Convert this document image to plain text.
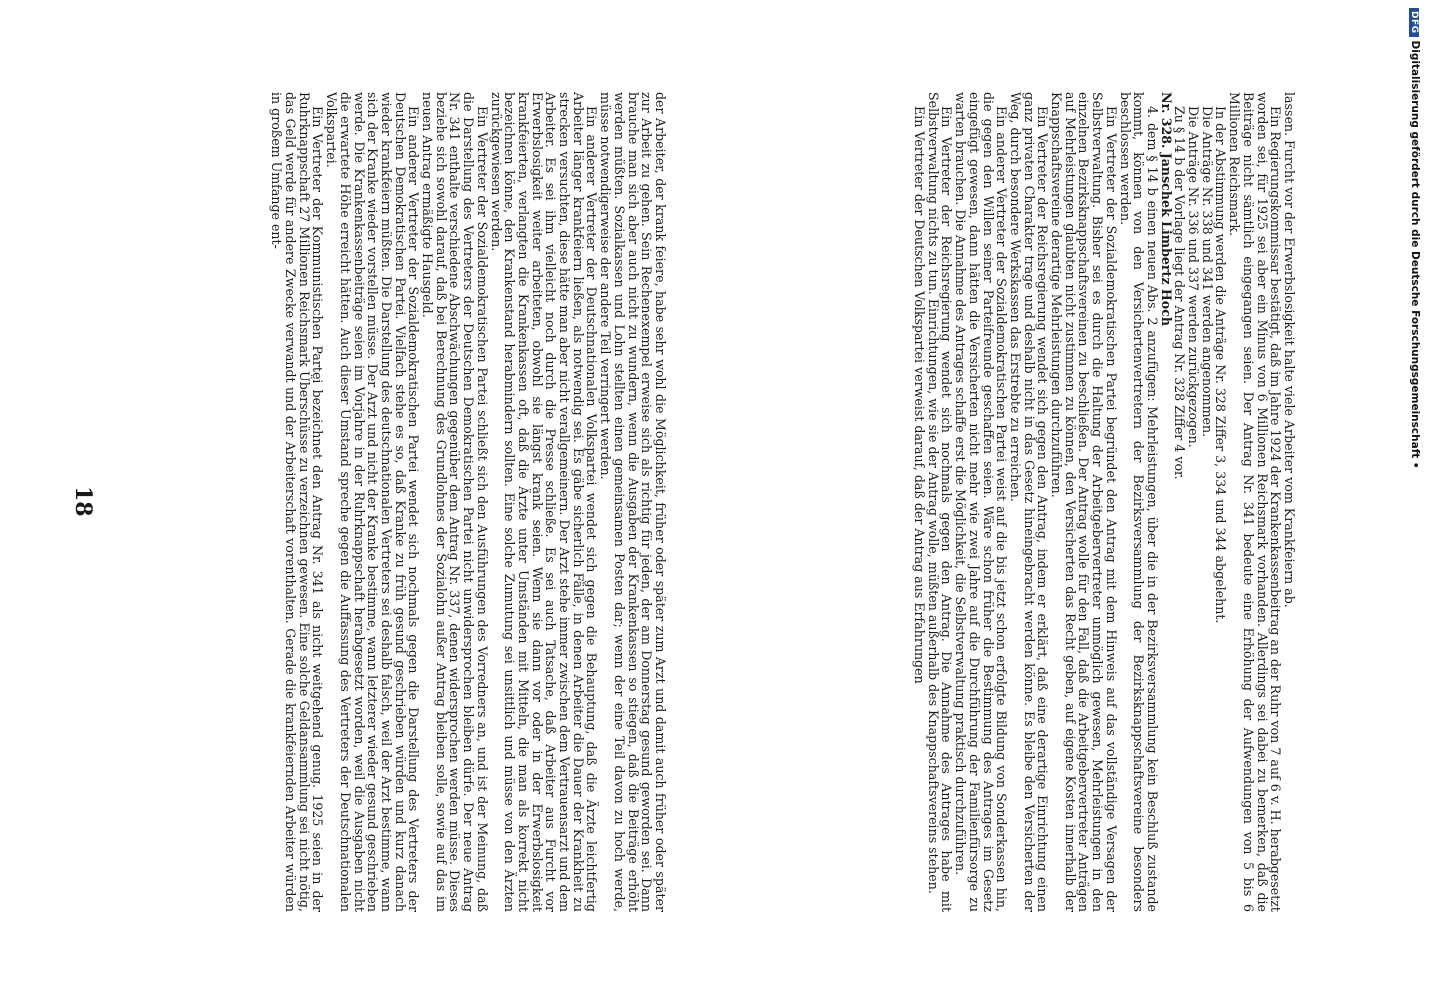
der Arbeiter, der krank feiere, habe sehr wohl die Möglichkeit, früher oder später zum Arzt und damit auch früher oder später zur Arbeit zu gehen. Sein Rechenexempel erweise sich als richtig für jeden, der am Donnerstag gesund geworden sei. Dann brauche man sich aber auch nicht zu wundern, wenn die Ausgaben der Krankenkassen so stiegen, daß die Beiträge erhöht werden müßten. Sozialkassen und Lohn stellten einen gemeinsamen Posten dar; wenn der eine Teil davon zu hoch werde, müsse notwendigerweise der andere Teil verringert werden.

Ein anderer Vertreter der Deutschnationalen Volkspartei wendet sich gegen die Behauptung, daß die Ärzte leichtfertig Arbeiter länger krankfeiern ließen, als notwendig sei. Es gäbe sicherlich Fälle, in denen Arbeiter die Dauer der Krankheit zu strecken versuchten, diese hätte man aber nicht verallgemeinern. Der Arzt stehe immer zwischen dem Vertrauensarzt und dem Arbeiter. Es sei ihm vielleicht noch durch die Presse schließe. Es sei auch Tatsache, daß Arbeiter aus Furcht vor Erwerbslosigkeit weiter arbeiteten, obwohl sie längst krank seien. Wenn sie dann vor oder in der Erwerbslosigkeit krankfeierten, verlangten die Krankenkassen oft, daß die Ärzte unter Umständen mit Mitteln, die man als korrekt nicht bezeichnen könne, den Krankenstand herabmindern sollten. Eine solche Zumutung sei unsittlich und müsse von den Ärzten zurückgewiesen werden.

Ein Vertreter der Sozialdemokratischen Partei schließt sich den Ausführungen des Vorredners an, und ist der Meinung, daß die Darstellung des Vertreters der Deutschen Demokratischen Partei nicht unwidersprochen bleiben dürfe. Der neue Antrag Nr. 341 enthalte verschiedene Abschwächungen gegenüber dem Antrag Nr. 337, denen widersprochen werden müsse. Dieses beziehe sich sowohl darauf, daß bei Berechnung des Grundlohnes der Sozialohn außer Antrag bleiben solle, sowie auf das im neuen Antrag ermäßigte Hausgeld.

Ein anderer Vertreter der Sozialdemokratischen Partei wendet sich nochmals gegen die Darstellung des Vertreters der Deutschen Demokratischen Partei. Vielfach stehe es so, daß Kranke zu früh gesund geschrieben würden und kurz danach wieder krankfeiern müßten. Die Darstellung des deutschnationalen Vertreters sei deshalb falsch, weil der Arzt bestimme, wann sich der Kranke wieder vorstellen müsse. Der Arzt und nicht der Kranke bestimme, wann letzterer wieder gesund geschrieben werde. Die Krankenkassenbeiträge seien im Vorjahre in der Ruhrknappschaft herabgesetzt worden, weil die Ausgaben nicht die erwartete Höhe erreicht hätten. Auch dieser Umstand spreche gegen die Auffassung des Vertreters der Deutschnationalen Volkspartei.

Ein Vertreter der Kommunistischen Partei bezeichnet den Antrag Nr. 341 als nicht weitgehend genug. 1925 seien in der Ruhrknappschaft 27 Millionen Reichsmark Überschüsse zu verzeichnen gewesen. Eine solche Geldansammlung sei nicht nötig, das Geld werde für andere Zwecke verwandt und der Arbeiterschaft vorenthalten. Gerade die krankfeiernden Arbeiter würden in großem Umfange ent-

18	lassen. Furcht vor der Erwerbslosigkeit halte viele Arbeiter vom Krankfeiern ab.

Ein Regierungskommissar bestätigt, daß im Jahre 1924 der Krankenkassenbeitrag an der Ruhr von 7 auf 6 v. H. herabgesetzt worden sei, für 1925 sei aber ein Minus von 6 Millionen Reichsmark vorhanden. Allerdings sei dabei zu bemerken, daß die Beiträge nicht sämtlich eingegangen seien. Der Antrag Nr. 341 bedeute eine Erhöhung der Aufwendungen von 5 bis 6 Millionen Reichsmark.

In der Abstimmung werden die Anträge Nr. 328 Ziffer 3, 334 und 344 abgelehnt.

Die Anträge Nr. 338 und 341 werden angenommen.

Die Anträge Nr. 336 und 337 werden zurückgezogen.

Zu § 14 b der Vorlage liegt der Antrag Nr. 328 Ziffer 4 vor.

Nr. 328. Janschek Limbertz Hoch

4. dem § 14 b einen neuen Abs. 2 anzufügen: Mehrleistungen, über die in der Bezirksversammlung kein Beschluß zustande kommt, können von den Versichertenvertretern der Bezirksversammlung der Bezirksknappschaftsvereine besonders beschlossen werden.

Ein Vertreter der Sozialdemokratischen Partei begründet den Antrag mit dem Hinweis auf das vollständige Versagen der Selbstverwaltung. Bisher sei es durch die Haltung der Arbeitgebervertreter unmöglich gewesen, Mehrleistungen in den einzelnen Bezirksknappschaftsvereinen zu beschließen. Der Antrag wolle für den Fall, daß die Arbeitgebervertreter Anträgen auf Mehrleistungen glaubten nicht zustimmen zu können, den Versicherten das Recht geben, auf eigene Kosten innerhalb der Knappschaftsvereine derartige Mehrleistungen durchzuführen.

Ein Vertreter der Reichsregierung wendet sich gegen den Antrag, indem er erklärt, daß eine derartige Einrichtung einen ganz privaten Charakter trage und deshalb nicht in das Gesetz hineingebracht werden könne. Es bleibe den Versicherten der Weg, durch besondere Werkskassen das Erstrebte zu erreichen.

Ein anderer Vertreter der Sozialdemokratischen Partei weist auf die bis jetzt schon erfolgte Bildung von Sonderkassen hin, die gegen den Willen seiner Parteifreunde geschaffen seien. Wäre schon früher die Bestimmung des Antrages im Gesetz eingefügt gewesen, dann hätten die Versicherten nicht mehr wie zwei Jahre auf die Durchführung der Familienfürsorge zu warten brauchen. Die Annahme des Antrages schaffe erst die Möglichkeit, die Selbstverwaltung praktisch durchzuführen.

Ein Vertreter der Reichsregierung wendet sich nochmals gegen den Antrag. Die Annahme des Antrages habe mit Selbstverwaltung nichts zu tun. Einrichtungen, wie sie der Antrag wolle, müßten außerhalb des Knappschaftsvereins stehen.

Ein Vertreter der Deutschen Volkspartei verweist darauf, daß der Antrag aus Erfahrungen

DFGDigitalisierung gefördert durch die Deutsche Forschungsgemeinschaft •
